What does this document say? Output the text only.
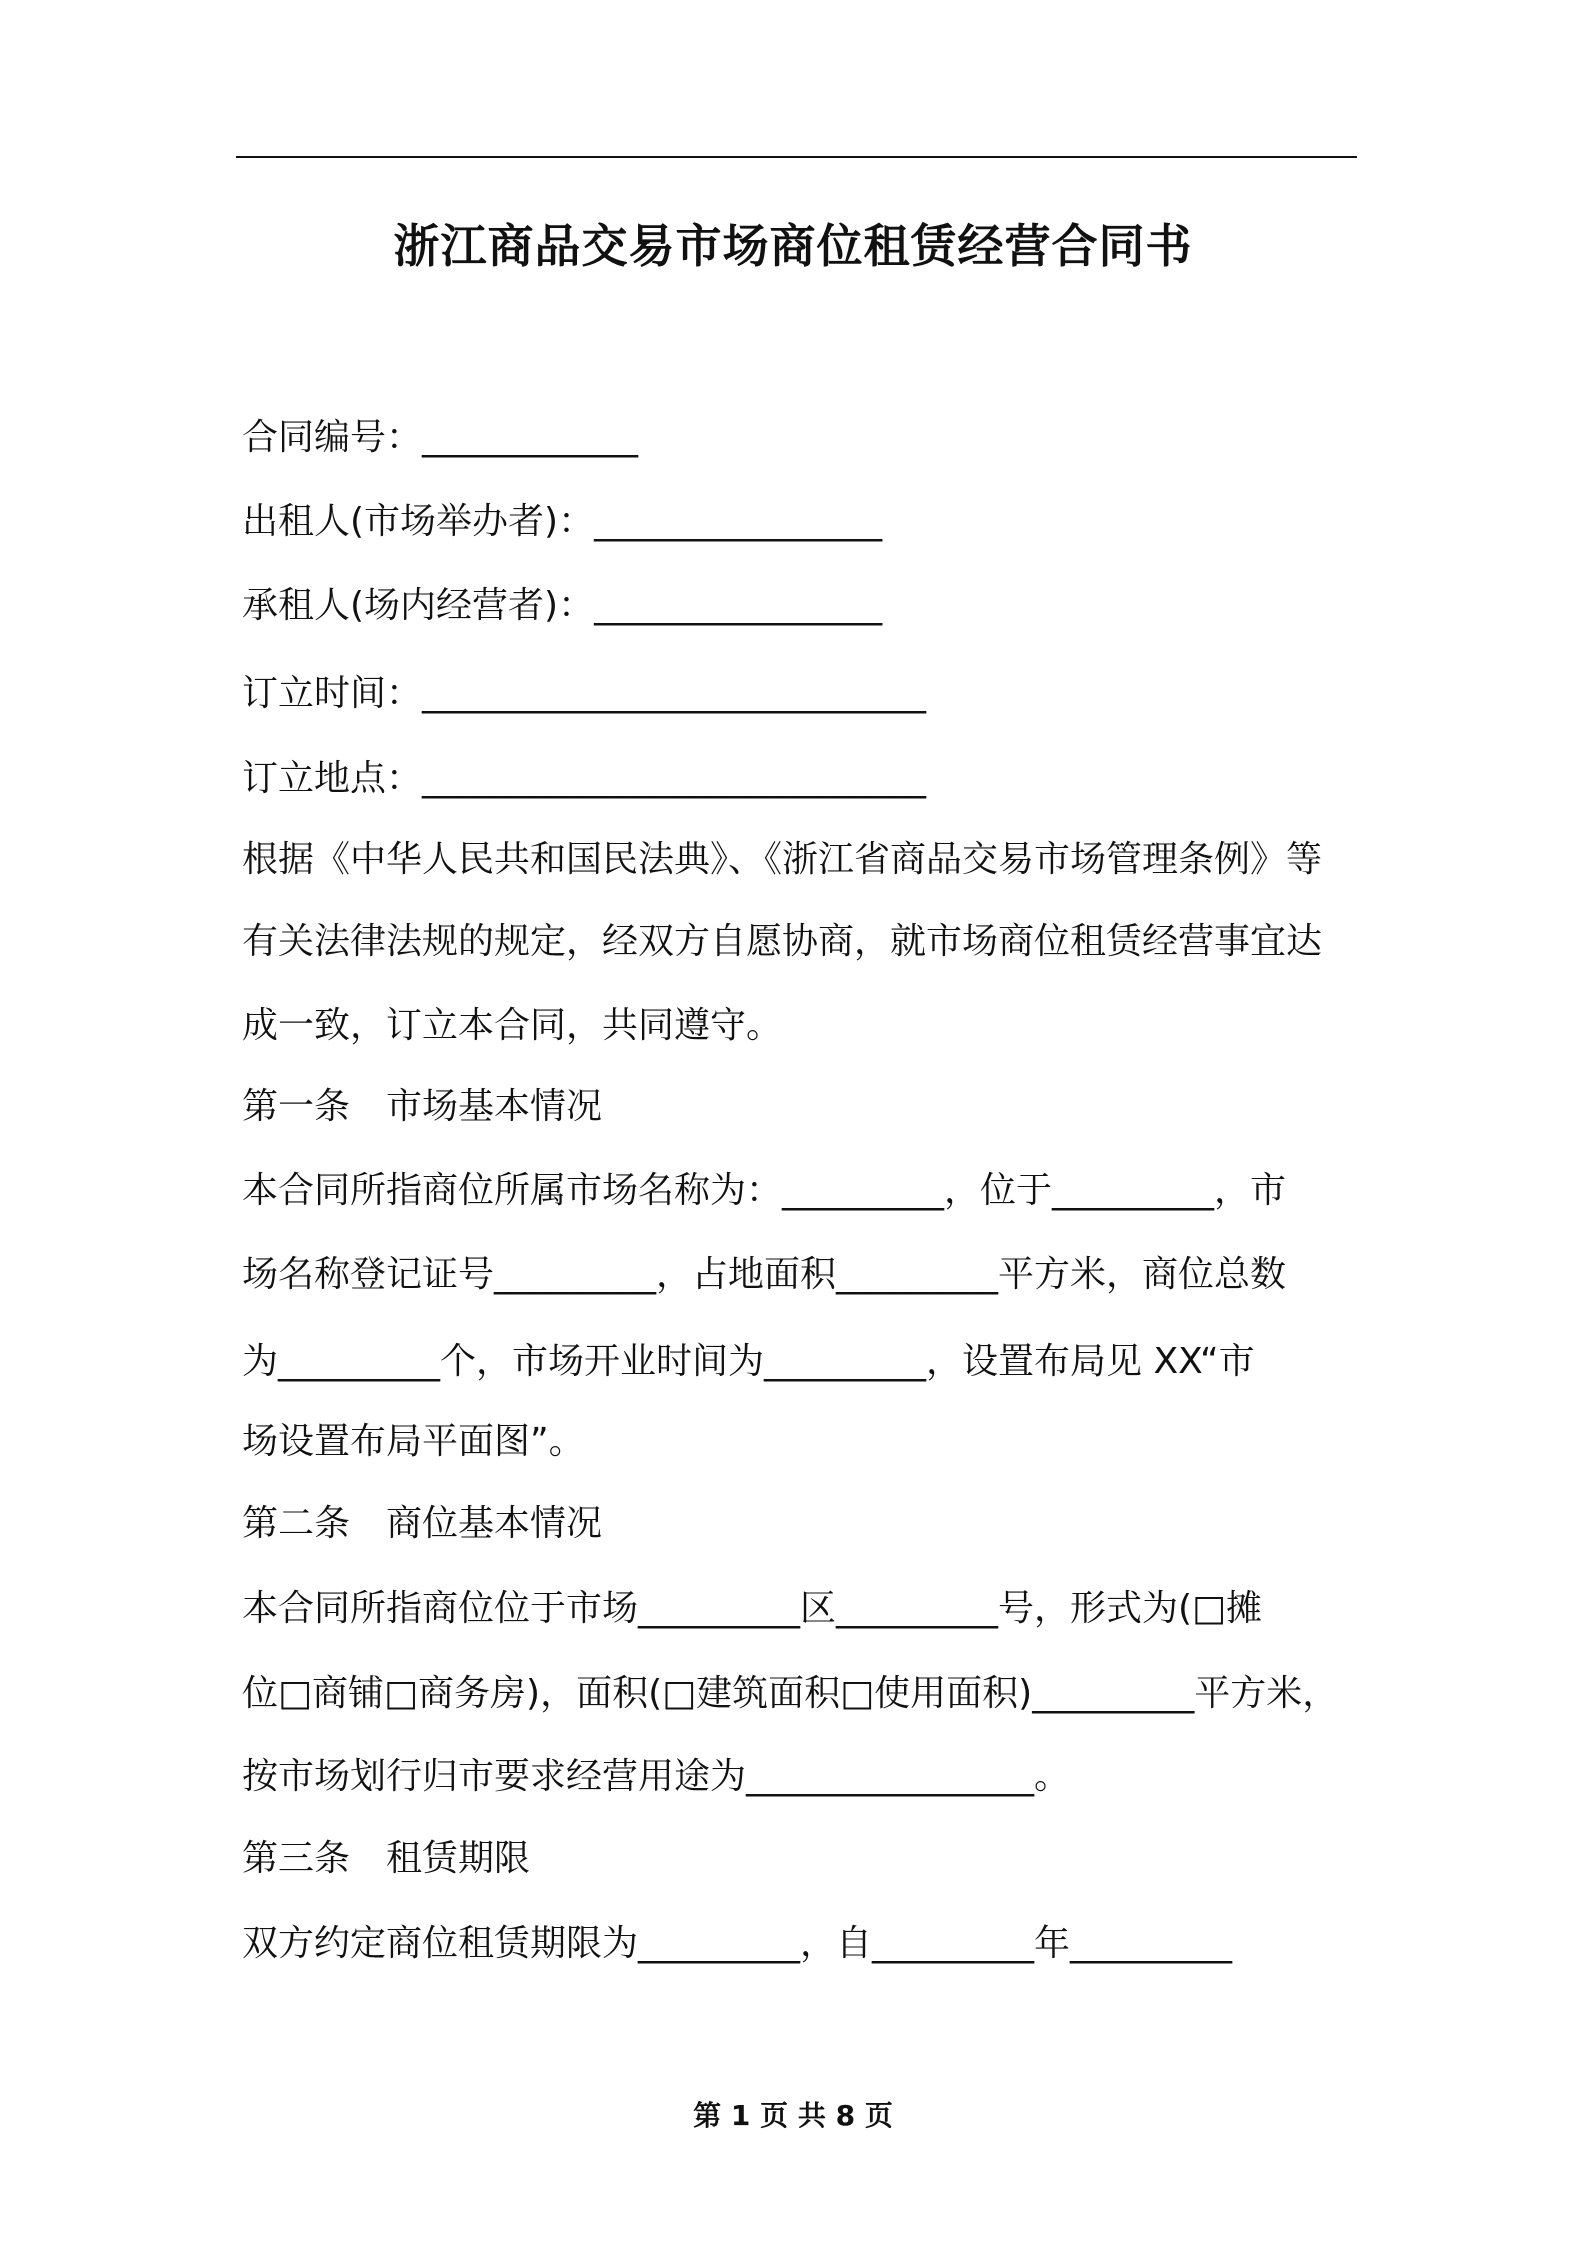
浙江商品交易市场商位租赁经营合同书
合同编号：____________
出租人(市场举办者)：________________
承租人(场内经营者)：________________
订立时间：____________________________
订立地点：____________________________
根据《中华人民共和国民法典》、《浙江省商品交易市场管理条例》等
有关法律法规的规定，经双方自愿协商，就市场商位租赁经营事宜达
成一致，订立本合同，共同遵守。
第一条　市场基本情况
本合同所指商位所属市场名称为：_________，位于_________，市
场名称登记证号_________，占地面积_________平方米，商位总数
为_________个，市场开业时间为_________，设置布局见 XX“市
场设置布局平面图”。
第二条　商位基本情况
本合同所指商位位于市场_________区_________号，形式为(□摊
位□商铺□商务房)，面积(□建筑面积□使用面积)_________平方米，
按市场划行归市要求经营用途为________________。
第三条　租赁期限
双方约定商位租赁期限为_________，自_________年_________
第 1 页 共 8 页
